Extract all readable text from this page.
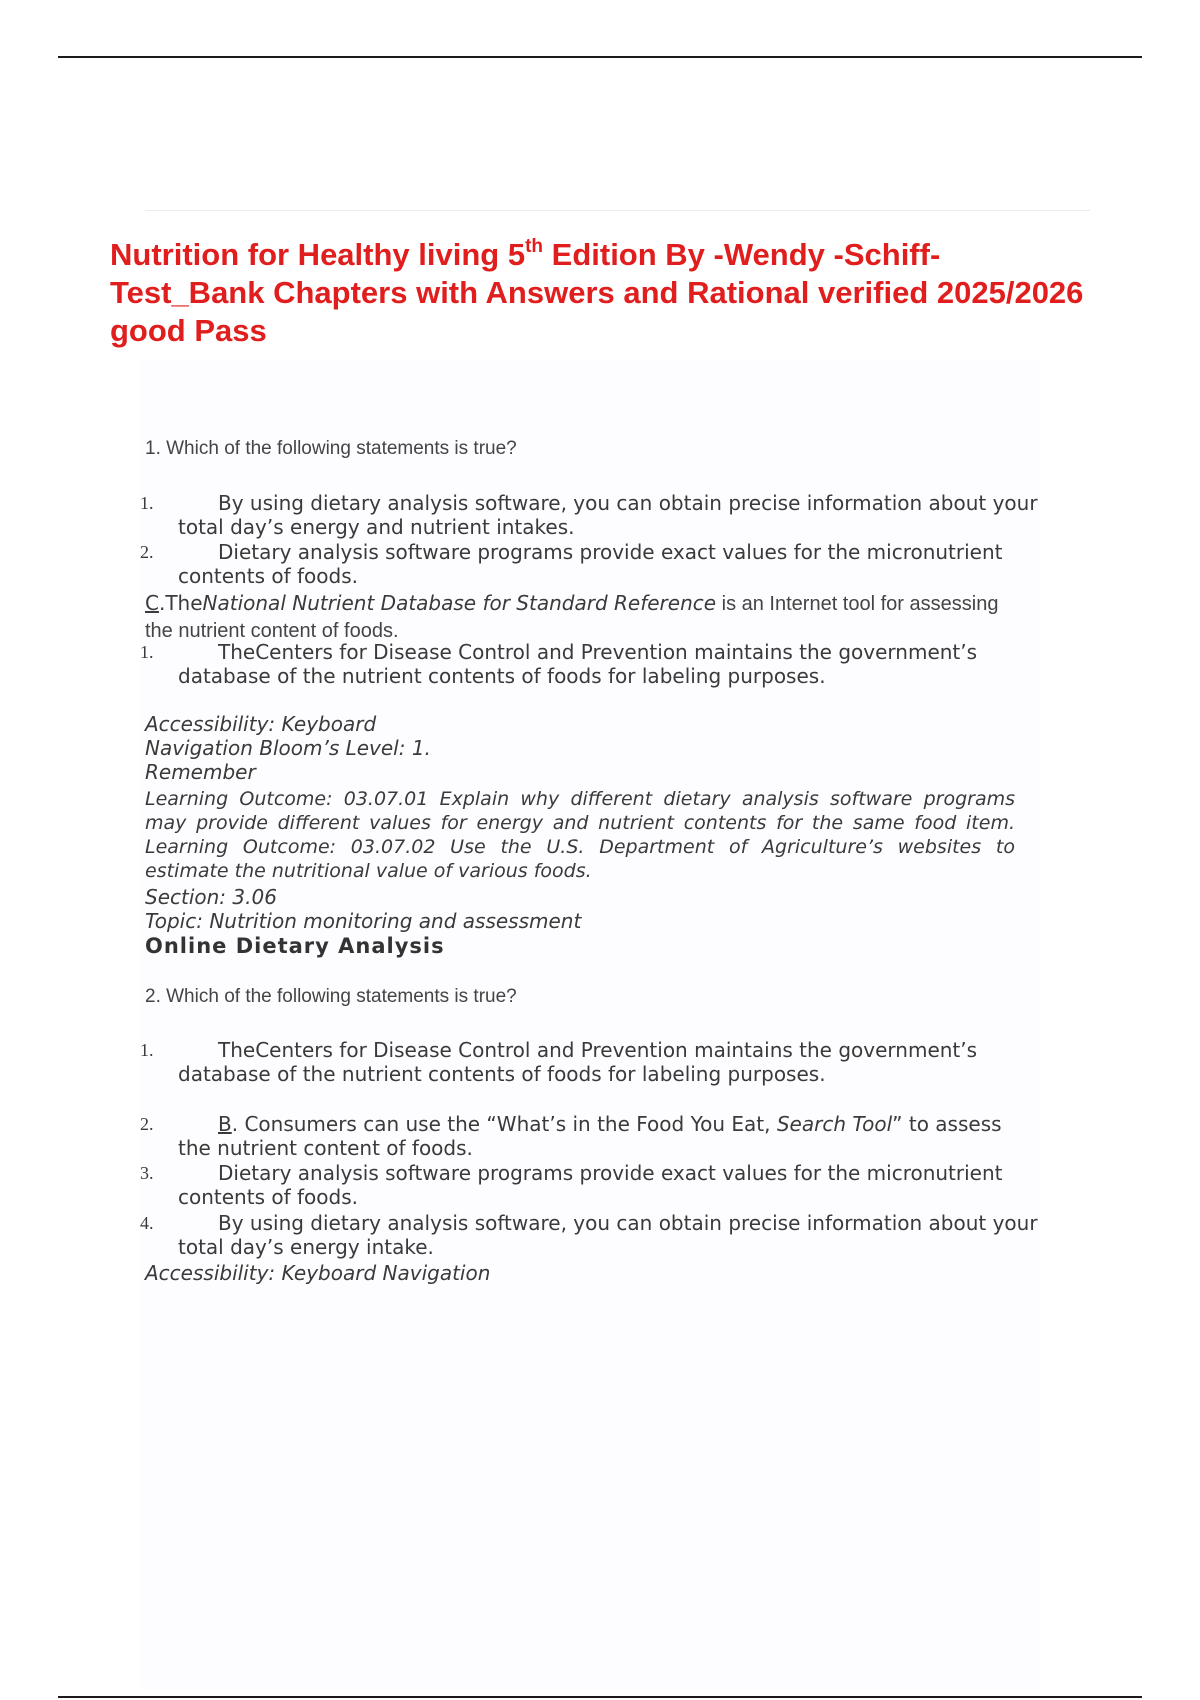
Nutrition for Healthy living 5th Edition By -Wendy -Schiff-
Test_Bank Chapters with Answers and Rational verified 2025/2026
good Pass
1. Which of the following statements is true?
1.	By using dietary analysis software, you can obtain precise information about your total day’s energy and nutrient intakes.
2.	Dietary analysis software programs provide exact values for the micronutrient contents of foods.
C.TheNational Nutrient Database for Standard Reference is an Internet tool for assessing the nutrient content of foods.
1.	TheCenters for Disease Control and Prevention maintains the government’s database of the nutrient contents of foods for labeling purposes.

Accessibility: Keyboard

Navigation Bloom’s Level: 1.

Remember

Learning Outcome: 03.07.01 Explain why different dietary analysis software programs may provide different values for energy and nutrient contents for the same food item. Learning Outcome: 03.07.02 Use the U.S. Department of Agriculture’s websites to estimate the nutritional value of various foods.

Section: 3.06

Topic: Nutrition monitoring and assessment

Online Dietary Analysis

2. Which of the following statements is true?
1.	TheCenters for Disease Control and Prevention maintains the government’s database of the nutrient contents of foods for labeling purposes.
2.	B. Consumers can use the “What’s in the Food You Eat, Search Tool” to assess the nutrient content of foods.
3.	Dietary analysis software programs provide exact values for the micronutrient contents of foods.
4.	By using dietary analysis software, you can obtain precise information about your total day’s energy intake.

Accessibility: Keyboard Navigation
